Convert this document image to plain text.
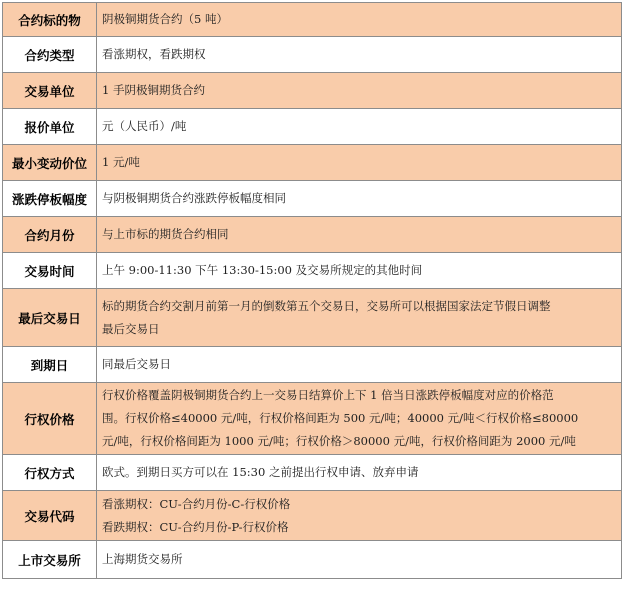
合约标的物	阴极铜期货合约（5 吨）

合约类型	看涨期权，看跌期权

交易单位	1 手阴极铜期货合约

报价单位	元（人民币）/吨

最小变动价位	1 元/吨

涨跌停板幅度	与阴极铜期货合约涨跌停板幅度相同

合约月份	与上市标的期货合约相同

交易时间	上午 9:00-11:30 下午 13:30-15:00 及交易所规定的其他时间

最后交易日	标的期货合约交割月前第一月的倒数第五个交易日，交易所可以根据国家法定节假日调整
最后交易日

到期日	同最后交易日

行权价格	行权价格覆盖阴极铜期货合约上一交易日结算价上下 1 倍当日涨跌停板幅度对应的价格范
围。行权价格≤40000 元/吨，行权价格间距为 500 元/吨；40000 元/吨＜行权价格≤80000
元/吨，行权价格间距为 1000 元/吨；行权价格＞80000 元/吨，行权价格间距为 2000 元/吨

行权方式	欧式。到期日买方可以在 15:30 之前提出行权申请、放弃申请

交易代码	看涨期权：CU-合约月份-C-行权价格
看跌期权：CU-合约月份-P-行权价格

上市交易所	上海期货交易所
